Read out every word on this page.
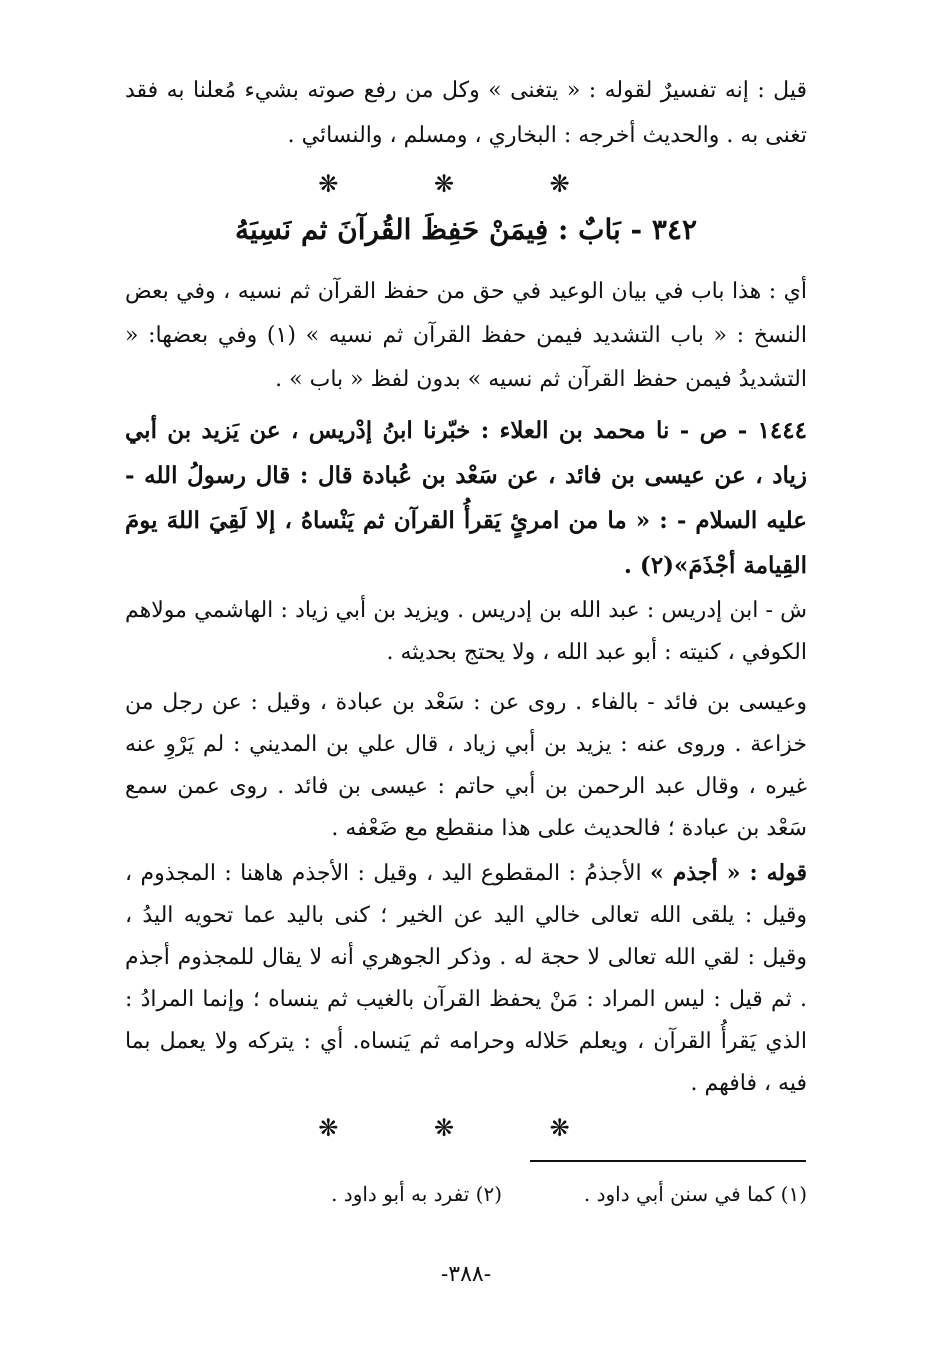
قيل : إنه تفسيرٌ لقوله : « يتغنى » وكل من رفع صوته بشيء مُعلنا به فقد تغنى به . والحديث أخرجه : البخاري ، ومسلم ، والنسائي .

❋ ❋ ❋
٣٤٢ - بَابٌ : فِيمَنْ حَفِظَ القُرآنَ ثم نَسِيَهُ

أي : هذا باب في بيان الوعيد في حق من حفظ القرآن ثم نسيه ، وفي بعض النسخ : « باب التشديد فيمن حفظ القرآن ثم نسيه » (١) وفي بعضها: « التشديدُ فيمن حفظ القرآن ثم نسيه » بدون لفظ « باب » .

١٤٤٤ - ص - نا محمد بن العلاء : خبّرنا ابنُ إدْريس ، عن يَزيد بن أبي زياد ، عن عيسى بن فائد ، عن سَعْد بن عُبادة قال : قال رسولُ الله - عليه السلام - : « ما من امرئٍ يَقرأُ القرآن ثم يَنْساهُ ، إلا لَقِيَ اللهَ يومَ القِيامة أجْذَمَ»(٢) .

ش - ابن إدريس : عبد الله بن إدريس . ويزيد بن أبي زياد : الهاشمي مولاهم الكوفي ، كنيته : أبو عبد الله ، ولا يحتج بحديثه .

وعيسى بن فائد - بالفاء . روى عن : سَعْد بن عبادة ، وقيل : عن رجل من خزاعة . وروى عنه : يزيد بن أبي زياد ، قال علي بن المديني : لم يَرْوِ عنه غيره ، وقال عبد الرحمن بن أبي حاتم : عيسى بن فائد . روى عمن سمع سَعْد بن عبادة ؛ فالحديث على هذا منقطع مع ضَعْفه .

قوله : « أجذم » الأجذمُ : المقطوع اليد ، وقيل : الأجذم هاهنا : المجذوم ، وقيل : يلقى الله تعالى خالي اليد عن الخير ؛ كنى باليد عما تحويه اليدُ ، وقيل : لقي الله تعالى لا حجة له . وذكر الجوهري أنه لا يقال للمجذوم أجذم . ثم قيل : ليس المراد : مَنْ يحفظ القرآن بالغيب ثم ينساه ؛ وإنما المرادُ : الذي يَقرأُ القرآن ، ويعلم حَلاله وحرامه ثم يَنساه. أي : يتركه ولا يعمل بما فيه ، فافهم .

❋ ❋ ❋
(١) كما في سنن أبي داود .
(٢) تفرد به أبو داود .
-٣٨٨-
